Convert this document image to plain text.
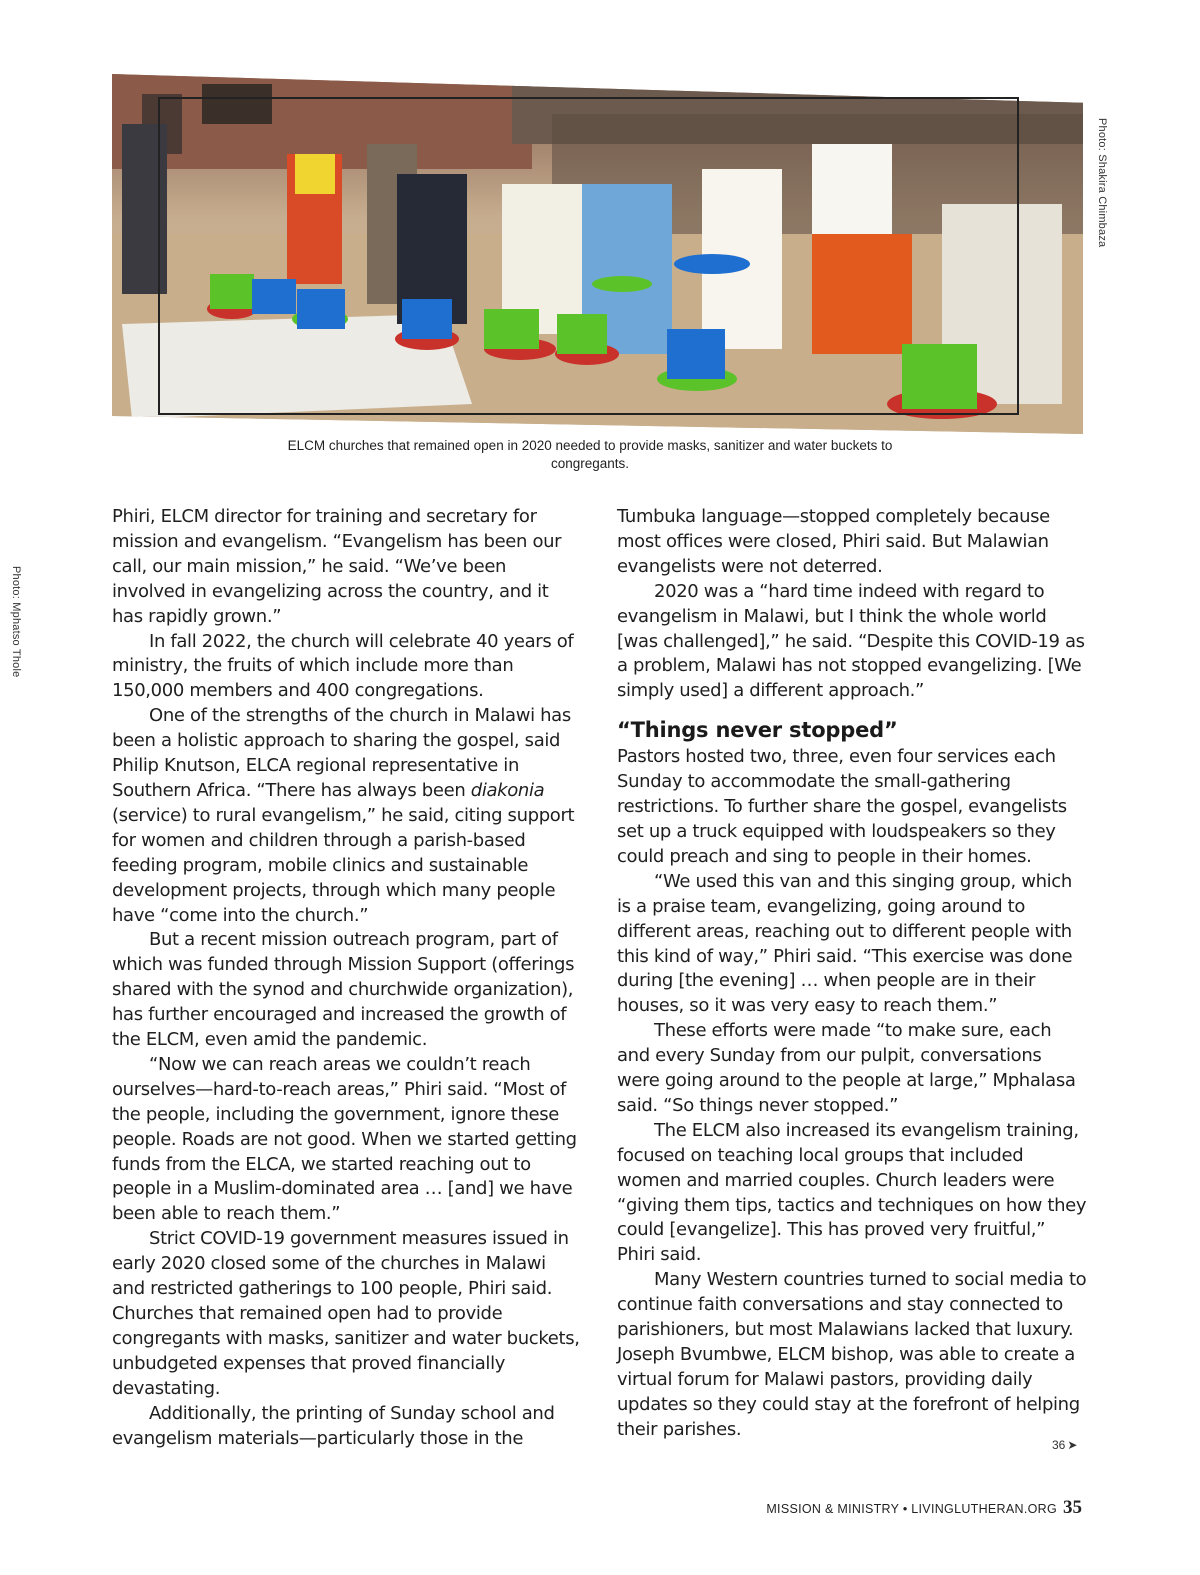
Photo: Shakira Chimbaza
Photo: Mphatso Thole
ELCM churches that remained open in 2020 needed to provide masks, sanitizer and water buckets to congregants.

Phiri, ELCM director for training and secretary for mission and evangelism. “Evangelism has been our call, our main mission,” he said. “We’ve been involved in evangelizing across the country, and it has rapidly grown.”

In fall 2022, the church will celebrate 40 years of ministry, the fruits of which include more than 150,000 members and 400 congregations.

One of the strengths of the church in Malawi has been a holistic approach to sharing the gospel, said Philip Knutson, ELCA regional representative in Southern Africa. “There has always been diakonia (service) to rural evangelism,” he said, citing support for women and children through a parish-based feeding program, mobile clinics and sustainable development projects, through which many people have “come into the church.”

But a recent mission outreach program, part of which was funded through Mission Support (offerings shared with the synod and churchwide organization), has further encouraged and increased the growth of the ELCM, even amid the pandemic.

“Now we can reach areas we couldn’t reach ourselves—hard-to-reach areas,” Phiri said. “Most of the people, including the government, ignore these people. Roads are not good. When we started getting funds from the ELCA, we started reaching out to people in a Muslim-dominated area … [and] we have been able to reach them.”

Strict COVID-19 government measures issued in early 2020 closed some of the churches in Malawi and restricted gatherings to 100 people, Phiri said. Churches that remained open had to provide congregants with masks, sanitizer and water buckets, unbudgeted expenses that proved financially devastating.

Additionally, the printing of Sunday school and evangelism materials—particularly those in the

Tumbuka language—stopped completely because most offices were closed, Phiri said. But Malawian evangelists were not deterred.

2020 was a “hard time indeed with regard to evangelism in Malawi, but I think the whole world [was challenged],” he said. “Despite this COVID-19 as a problem, Malawi has not stopped evangelizing. [We simply used] a different approach.”

“Things never stopped”

Pastors hosted two, three, even four services each Sunday to accommodate the small-gathering restrictions. To further share the gospel, evangelists set up a truck equipped with loudspeakers so they could preach and sing to people in their homes.

“We used this van and this singing group, which is a praise team, evangelizing, going around to different areas, reaching out to different people with this kind of way,” Phiri said. “This exercise was done during [the evening] … when people are in their houses, so it was very easy to reach them.”

These efforts were made “to make sure, each and every Sunday from our pulpit, conversations were going around to the people at large,” Mphalasa said. “So things never stopped.”

The ELCM also increased its evangelism training, focused on teaching local groups that included women and married couples. Church leaders were “giving them tips, tactics and techniques on how they could [evangelize]. This has proved very fruitful,” Phiri said.

Many Western countries turned to social media to continue faith conversations and stay connected to parishioners, but most Malawians lacked that luxury. Joseph Bvumbwe, ELCM bishop, was able to create a virtual forum for Malawi pastors, providing daily updates so they could stay at the forefront of helping their parishes.

36 ➤
MISSION & MINISTRY • LIVINGLUTHERAN.ORG 35
